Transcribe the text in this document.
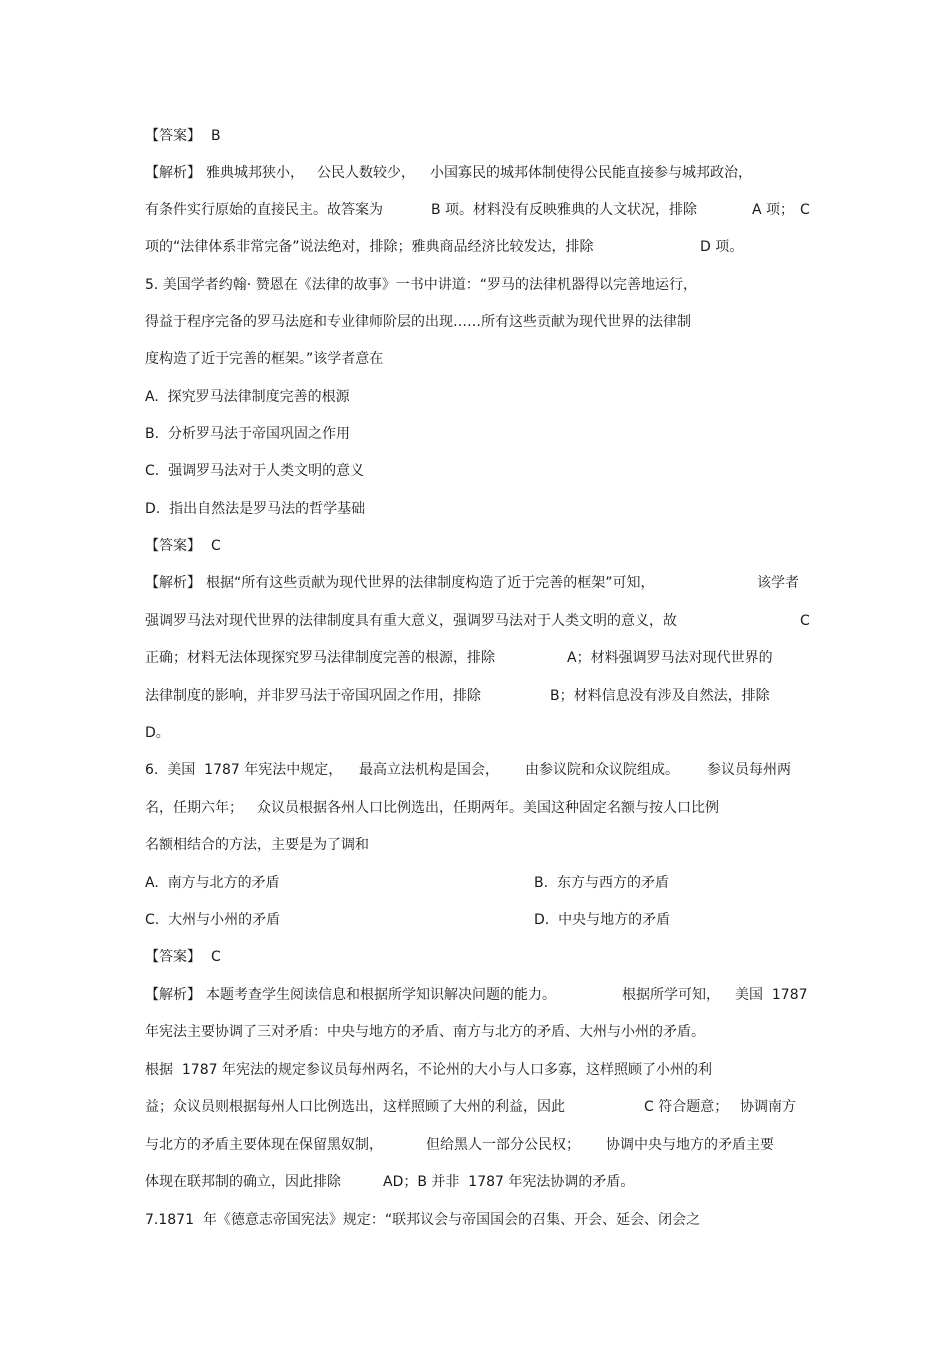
【答案】

B

【解析】

雅典城邦狭小，

公民人数较少，

小国寡民的城邦体制使得公民能直接参与城邦政治，

有条件实行原始的直接民主。故答案为

	B 项。材料没有反映雅典的人文状况，排除

	A 项；

C

项的“法律体系非常完备”说法绝对，排除；雅典商品经济比较发达，排除

	D 项。

5. 美国学者约翰· 赞恩在《法律的故事》一书中讲道：“罗马的法律机器得以完善地运行，
得益于程序完备的罗马法庭和专业律师阶层的出现……所有这些贡献为现代世界的法律制
度构造了近于完善的框架。”该学者意在
A.  探究罗马法律制度完善的根源
B.  分析罗马法于帝国巩固之作用
C.  强调罗马法对于人类文明的意义
D.  指出自然法是罗马法的哲学基础

【答案】

C

【解析】

根据“所有这些贡献为现代世界的法律制度构造了近于完善的框架”可知，

	该学者

强调罗马法对现代世界的法律制度具有重大意义，强调罗马法对于人类文明的意义，故

	C

正确；材料无法体现探究罗马法律制度完善的根源，排除

	A；材料强调罗马法对现代世界的

法律制度的影响，并非罗马法于帝国巩固之作用，排除

	B；材料信息没有涉及自然法，排除

D。

6.  美国  1787 年宪法中规定，

最高立法机构是国会，

由参议院和众议院组成。

参议员每州两

名，任期六年；

众议员根据各州人口比例选出，任期两年。美国这种固定名额与按人口比例

名额相结合的方法，主要是为了调和
A.  南方与北方的矛盾	B.  东方与西方的矛盾
C.  大州与小州的矛盾	D.  中央与地方的矛盾

【答案】

C

【解析】

本题考查学生阅读信息和根据所学知识解决问题的能力。

	根据所学可知，

美国  1787

年宪法主要协调了三对矛盾：中央与地方的矛盾、南方与北方的矛盾、大州与小州的矛盾。
根据  1787 年宪法的规定参议员每州两名，不论州的大小与人口多寡，这样照顾了小州的利

益；众议员则根据每州人口比例选出，这样照顾了大州的利益，因此

	C 符合题意；

协调南方

与北方的矛盾主要体现在保留黑奴制，

	但给黑人一部分公民权；

协调中央与地方的矛盾主要

体现在联邦制的确立，因此排除

	AD；B 并非  1787 年宪法协调的矛盾。

7.1871  年《德意志帝国宪法》规定：“联邦议会与帝国国会的召集、开会、延会、闭会之
